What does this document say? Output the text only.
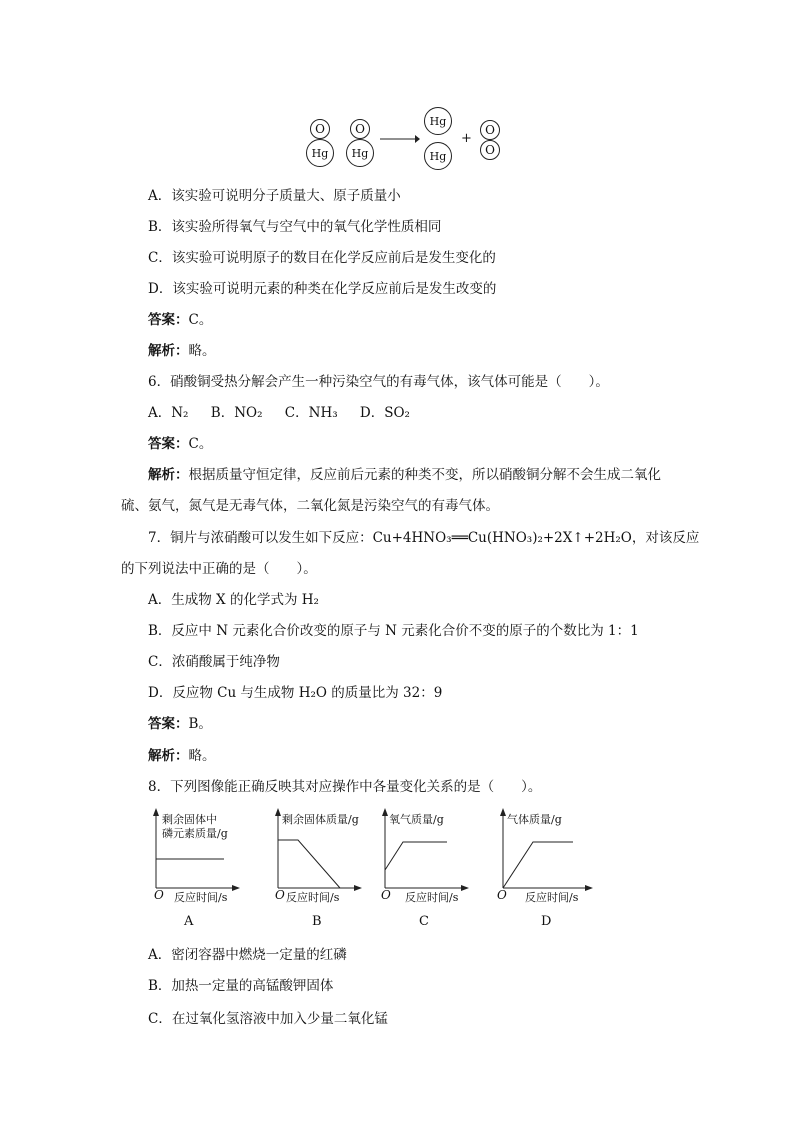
O
Hg
O
Hg
Hg
Hg
+
O
O
A．该实验可说明分子质量大、原子质量小
B．该实验所得氧气与空气中的氧气化学性质相同
C．该实验可说明原子的数目在化学反应前后是发生变化的
D．该实验可说明元素的种类在化学反应前后是发生改变的
答案：C。
解析：略。
6．硝酸铜受热分解会产生一种污染空气的有毒气体，该气体可能是（　　）。
A．N₂ B．NO₂ C．NH₃ D．SO₂
答案：C。
解析：根据质量守恒定律，反应前后元素的种类不变，所以硝酸铜分解不会生成二氧化
硫、氨气，氮气是无毒气体，二氧化氮是污染空气的有毒气体。
7．铜片与浓硝酸可以发生如下反应：Cu+4HNO₃══Cu(HNO₃)₂+2X↑+2H₂O，对该反应
的下列说法中正确的是（　　）。
A．生成物 X 的化学式为 H₂
B．反应中 N 元素化合价改变的原子与 N 元素化合价不变的原子的个数比为 1：1
C．浓硝酸属于纯净物
D．反应物 Cu 与生成物 H₂O 的质量比为 32：9
答案：B。
解析：略。
8．下列图像能正确反映其对应操作中各量变化关系的是（　　）。
剩余固体中
磷元素质量/g
O 反应时间/s
A
剩余固体质量/g
O 反应时间/s
B
氧气质量/g
O 反应时间/s
C
气体质量/g
O 反应时间/s
D
A．密闭容器中燃烧一定量的红磷
B．加热一定量的高锰酸钾固体
C．在过氧化氢溶液中加入少量二氧化锰
